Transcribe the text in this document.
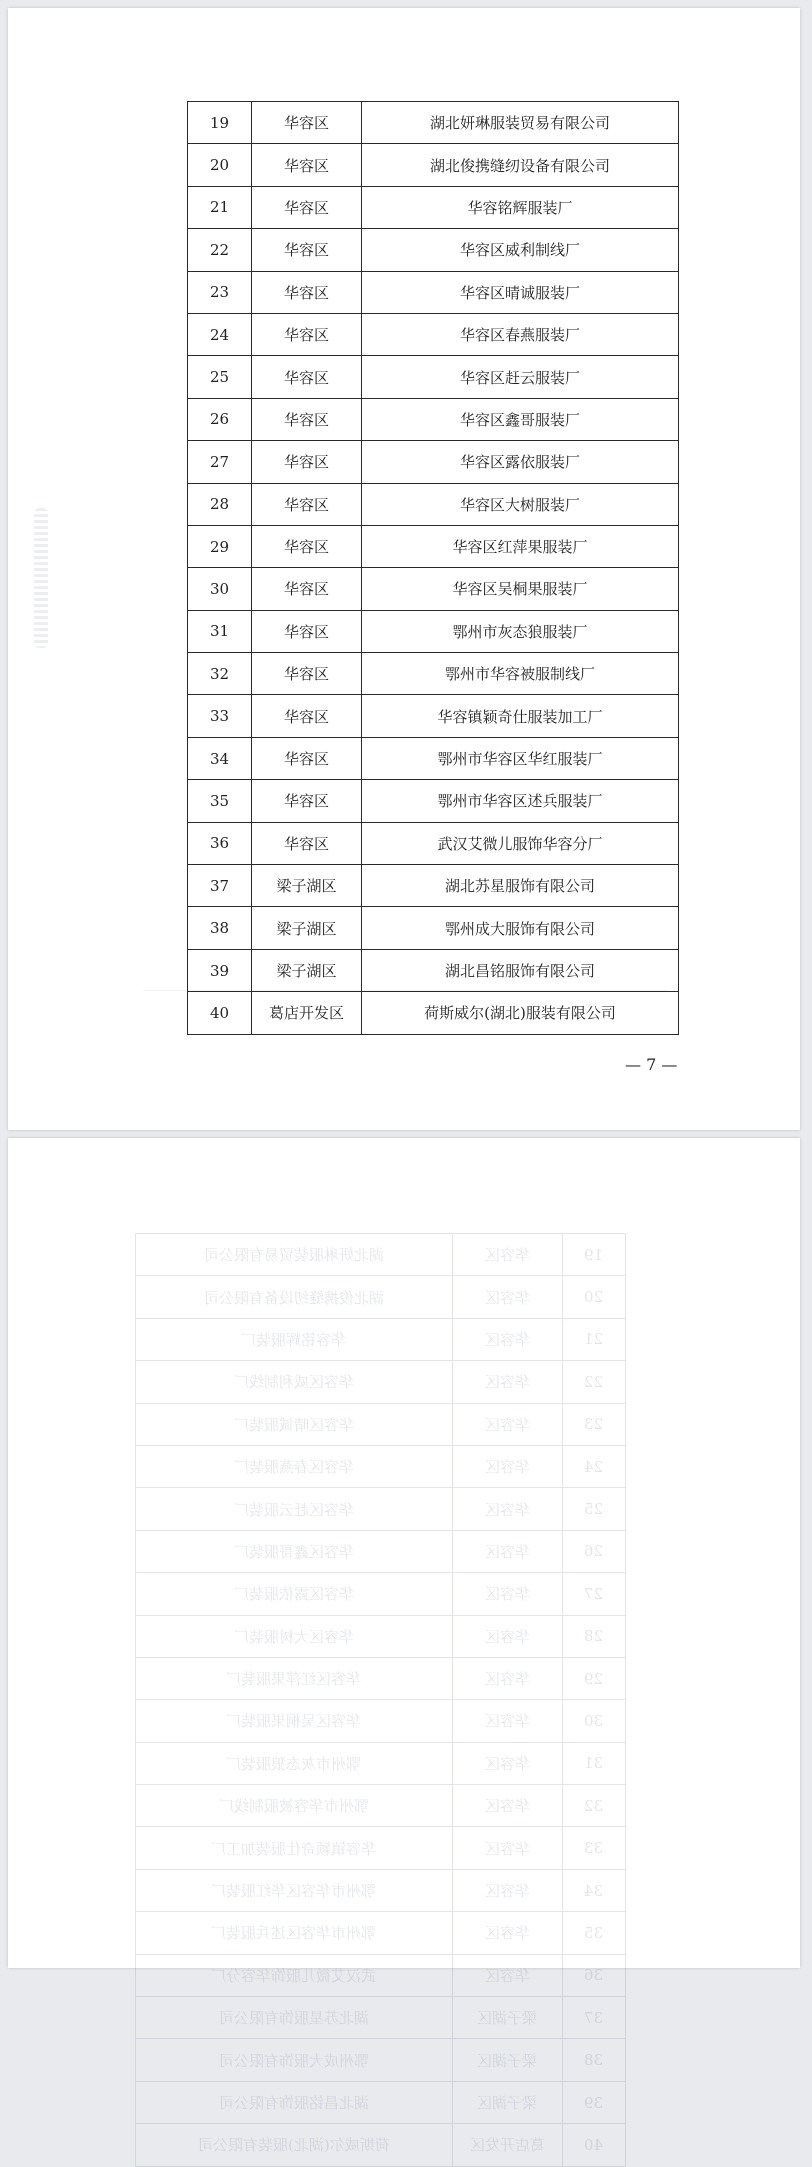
19	华容区	湖北妍琳服装贸易有限公司
20	华容区	湖北俊携缝纫设备有限公司
21	华容区	华容铭辉服装厂
22	华容区	华容区威利制线厂
23	华容区	华容区晴诚服装厂
24	华容区	华容区春燕服装厂
25	华容区	华容区赶云服装厂
26	华容区	华容区鑫哥服装厂
27	华容区	华容区露依服装厂
28	华容区	华容区大树服装厂
29	华容区	华容区红萍果服装厂
30	华容区	华容区吴桐果服装厂
31	华容区	鄂州市灰态狼服装厂
32	华容区	鄂州市华容被服制线厂
33	华容区	华容镇颖奇仕服装加工厂
34	华容区	鄂州市华容区华红服装厂
35	华容区	鄂州市华容区述兵服装厂
36	华容区	武汉艾微儿服饰华容分厂
37	梁子湖区	湖北苏星服饰有限公司
38	梁子湖区	鄂州成大服饰有限公司
39	梁子湖区	湖北昌铭服饰有限公司
40	葛店开发区	荷斯威尔(湖北)服装有限公司
— 7 —
湖北妍琳服装贸易有限公司	华容区	19
湖北俊携缝纫设备有限公司	华容区	20
华容铭辉服装厂	华容区	21
华容区威利制线厂	华容区	22
华容区晴诚服装厂	华容区	23
华容区春燕服装厂	华容区	24
华容区赶云服装厂	华容区	25
华容区鑫哥服装厂	华容区	26
华容区露依服装厂	华容区	27
华容区大树服装厂	华容区	28
华容区红萍果服装厂	华容区	29
华容区吴桐果服装厂	华容区	30
鄂州市灰态狼服装厂	华容区	31
鄂州市华容被服制线厂	华容区	32
华容镇颖奇仕服装加工厂	华容区	33
鄂州市华容区华红服装厂	华容区	34
鄂州市华容区述兵服装厂	华容区	35
武汉艾微儿服饰华容分厂	华容区	36
湖北苏星服饰有限公司	梁子湖区	37
鄂州成大服饰有限公司	梁子湖区	38
湖北昌铭服饰有限公司	梁子湖区	39
荷斯威尔(湖北)服装有限公司	葛店开发区	40
